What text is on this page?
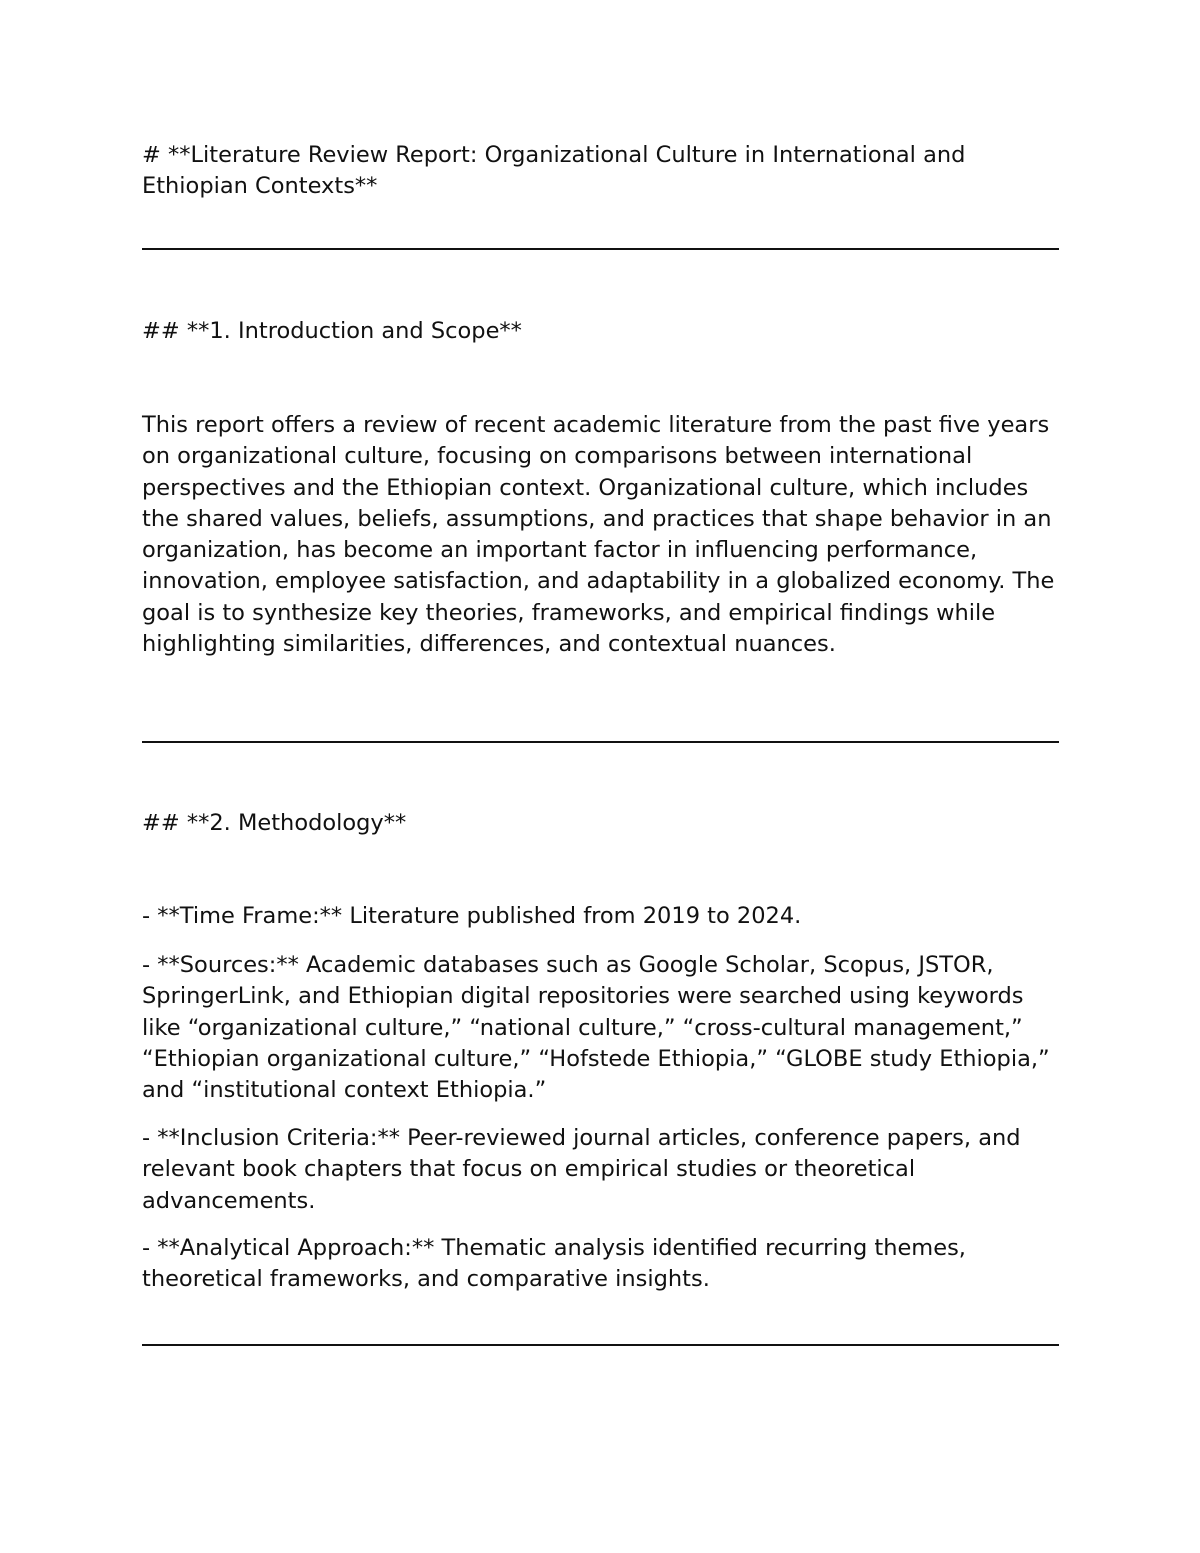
# **Literature Review Report: Organizational Culture in International and Ethiopian Contexts**

## **1. Introduction and Scope**

This report offers a review of recent academic literature from the past five years on organizational culture, focusing on comparisons between international perspectives and the Ethiopian context. Organizational culture, which includes the shared values, beliefs, assumptions, and practices that shape behavior in an organization, has become an important factor in influencing performance, innovation, employee satisfaction, and adaptability in a globalized economy. The goal is to synthesize key theories, frameworks, and empirical findings while highlighting similarities, differences, and contextual nuances.

## **2. Methodology**

- **Time Frame:** Literature published from 2019 to 2024.

- **Sources:** Academic databases such as Google Scholar, Scopus, JSTOR, SpringerLink, and Ethiopian digital repositories were searched using keywords like “organizational culture,” “national culture,” “cross-cultural management,” “Ethiopian organizational culture,” “Hofstede Ethiopia,” “GLOBE study Ethiopia,” and “institutional context Ethiopia.”

- **Inclusion Criteria:** Peer-reviewed journal articles, conference papers, and relevant book chapters that focus on empirical studies or theoretical advancements.

- **Analytical Approach:** Thematic analysis identified recurring themes, theoretical frameworks, and comparative insights.
